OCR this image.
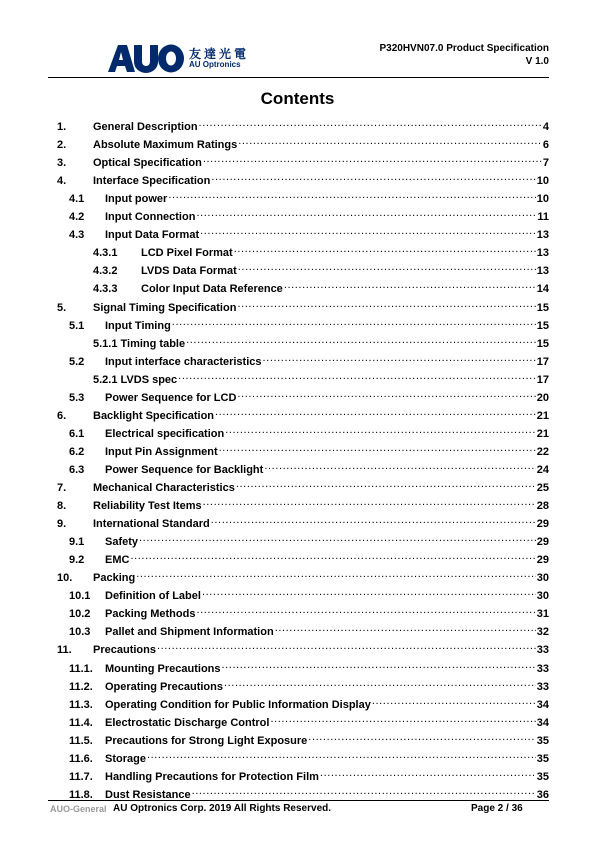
友達光電
AU Optronics
P320HVN07.0 Product Specification
V 1.0
Contents
1.	General Description .....	4
2.	Absolute Maximum Ratings .....	6
3.	Optical Specification .....	7
4.	Interface Specification .....	10
4.1	Input power .....	10
4.2	Input Connection .....	11
4.3	Input Data Format .....	13
4.3.1	LCD Pixel Format .....	13
4.3.2	LVDS Data Format .....	13
4.3.3	Color Input Data Reference .....	14
5.	Signal Timing Specification .....	15
5.1	Input Timing .....	15
5.1.1 Timing table .....	15
5.2	Input interface characteristics .....	17
5.2.1 LVDS spec .....	17
5.3	Power Sequence for LCD .....	20
6.	Backlight Specification .....	21
6.1	Electrical specification .....	21
6.2	Input Pin Assignment .....	22
6.3	Power Sequence for Backlight .....	24
7.	Mechanical Characteristics .....	25
8.	Reliability Test Items .....	28
9.	International Standard .....	29
9.1	Safety .....	29
9.2	EMC .....	29
10.	Packing .....	30
10.1	Definition of Label .....	30
10.2	Packing Methods .....	31
10.3	Pallet and Shipment Information .....	32
11.	Precautions .....	33
11.1.	Mounting Precautions .....	33
11.2.	Operating Precautions .....	33
11.3.	Operating Condition for Public Information Display .....	34
11.4.	Electrostatic Discharge Control .....	34
11.5.	Precautions for Strong Light Exposure .....	35
11.6.	Storage .....	35
11.7.	Handling Precautions for Protection Film .....	35
11.8.	Dust Resistance .....	36
AUO-General AU Optronics Corp. 2019 All Rights Reserved.	Page 2 / 36
